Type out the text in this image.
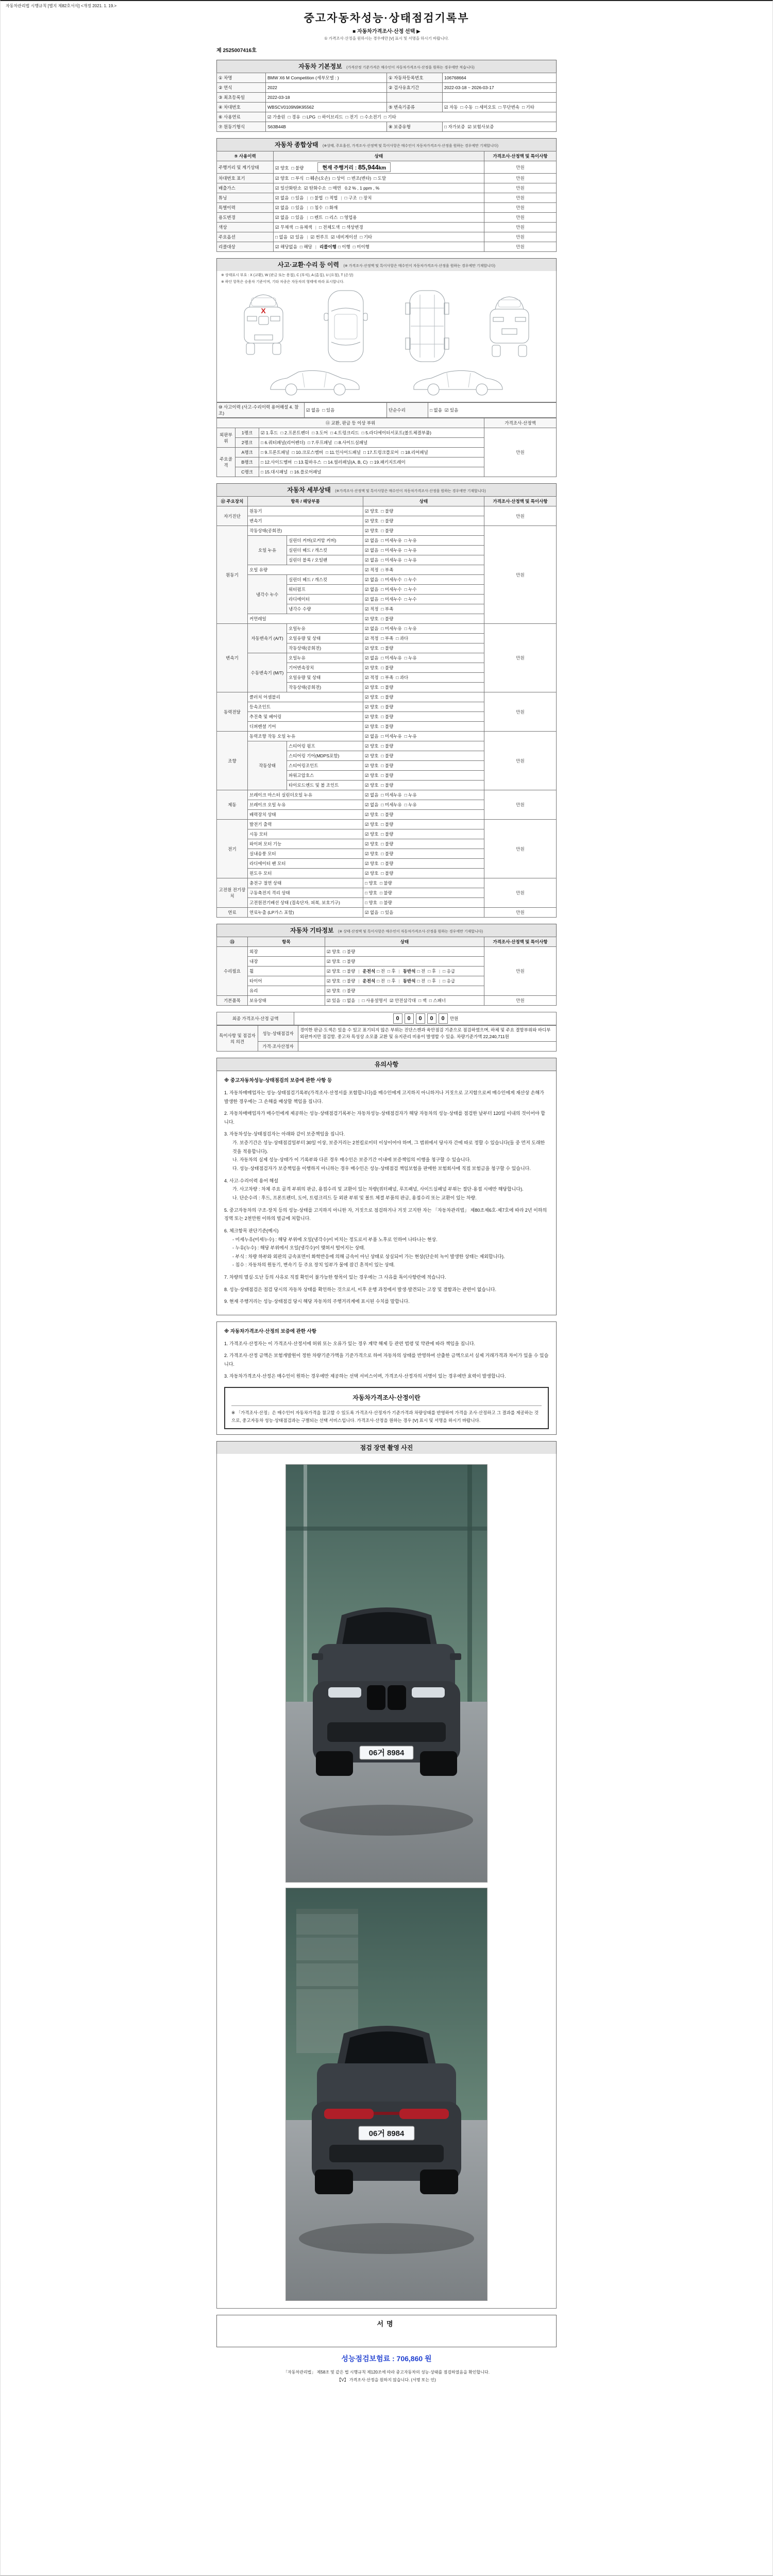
자동차관리법 시행규칙 [별지 제82호서식] <개정 2021. 1. 19.>
중고자동차성능·상태점검기록부
■ 자동차가격조사·산정 선택 ▶
① 가격조사·산정을 원하시는 경우에만 [V] 표시 및 서명을 하시기 바랍니다.
제 2525007416호
자동차 기본정보 (가격산정 기준가격은 매수인이 자동차가격조사·산정을 원하는 경우에만 적습니다)
① 차명	BMW X6 M Competition (세부모델 : )	① 자동차등록번호	106768664
② 연식	2022	② 검사유효기간	2022-03-18 ~ 2026-03-17
③ 최초등록일	2022-03-18		
④ 차대번호	WBSCV0109N9K95562	⑤ 변속기종류	☑ 자동 □ 수동 □ 세미오토 □ 무단변속 □ 기타
⑥ 사용연료	☑ 가솔린 □ 경유 □ LPG □ 하이브리드 □ 전기 □ 수소전기 □ 기타		
⑦ 원동기형식	S63B44B	⑧ 보증유형	□ 자가보증 ☑ 보험사보증
자동차 종합상태 (※상태, 주요옵션, 가격조사·산정액 및 특이사항은 매수인이 자동차가격조사·산정을 원하는 경우에만 기재합니다)
⑨ 사용이력	상태	가격조사·산정액 및 특이사항
주행거리 및 계기상태	☑ 양호 □ 불량 현재 주행거리 : 85,944km	만원
차대번호 표기	☑ 양호 □ 부식 □ 훼손(오손) □ 상이 □ 변조(변타) □ 도말	만원
배출가스	☑ 일산화탄소 ☑ 탄화수소 □ 매연 0.2 % , 1 ppm , %	만원
튜닝	☑ 없음 □ 있음 | □ 불법 □ 적법 | □ 구조 □ 장치	만원
특별이력	☑ 없음 □ 있음 | □ 침수 □ 화재	만원
용도변경	☑ 없음 □ 있음 | □ 렌트 □ 리스 □ 영업용	만원
색상	☑ 무채색 □ 유채색 | □ 전체도색 □ 색상변경	만원
주요옵션	□ 없음 ☑ 있음 | ☑ 썬루프 ☑ 네비게이션 □ 기타	만원
리콜대상	☑ 해당없음 □ 해당 | 리콜이행 □ 이행 □ 미이행	만원
사고·교환·수리 등 이력 (※ 가격조사·산정액 및 특이사항은 매수인이 자동차가격조사·산정을 원하는 경우에만 기재합니다)
※ 상태표시 부호 : X (교환), W (판금 또는 용접), C (부식), A (흠집), U (요철), T (손상)
※ 하단 항목은 승용차 기준이며, 기타 차종은 자동차의 형태에 따라 표시합니다.
X
⑩ 사고이력 (사고·수리이력 용어해설 4. 참조)	☑ 없음 □ 있음	단순수리	□ 없음 ☑ 있음
⑪ 교환, 판금 등 이상 부위			가격조사·산정액
외판부위	1랭크	☑ 1.후드 □ 2.프론트펜더 □ 3.도어 □ 4.트렁크리드 □ 5.라디에이터서포트(볼트체결부품)	만원
	2랭크	□ 6.쿼터패널(리어펜더) □ 7.루프패널 □ 8.사이드실패널	
주요골격	A랭크	□ 9.프론트패널 □ 10.크로스멤버 □ 11.인사이드패널 □ 17.트렁크플로어 □ 18.리어패널	
	B랭크	□ 12.사이드멤버 □ 13.휠하우스 □ 14.필러패널(A, B, C) □ 19.패키지트레이	
	C랭크	□ 15.대시패널 □ 16.플로어패널	
자동차 세부상태 (※가격조사·산정액 및 특이사항은 매수인이 자동차가격조사·산정을 원하는 경우에만 기재합니다)
⑫ 주요장치	항목 / 해당부품		상태	가격조사·산정액 및 특이사항
자기진단	원동기		☑ 양호 □ 불량	만원
	변속기		☑ 양호 □ 불량	
원동기	작동상태(공회전)		☑ 양호 □ 불량	만원
	오일 누유	실린더 커버(로커암 커버)	☑ 없음 □ 미세누유 □ 누유	
		실린더 헤드 / 개스킷	☑ 없음 □ 미세누유 □ 누유	
		실린더 블록 / 오일팬	☑ 없음 □ 미세누유 □ 누유	
	오일 유량		☑ 적정 □ 부족	
	냉각수 누수	실린더 헤드 / 개스킷	☑ 없음 □ 미세누수 □ 누수	
		워터펌프	☑ 없음 □ 미세누수 □ 누수	
		라디에이터	☑ 없음 □ 미세누수 □ 누수	
		냉각수 수량	☑ 적정 □ 부족	
	커먼레일		☑ 양호 □ 불량	
변속기	자동변속기 (A/T)	오일누유	☑ 없음 □ 미세누유 □ 누유	만원
		오일유량 및 상태	☑ 적정 □ 부족 □ 과다	
		작동상태(공회전)	☑ 양호 □ 불량	
	수동변속기 (M/T)	오일누유	☑ 없음 □ 미세누유 □ 누유	
		기어변속장치	☑ 양호 □ 불량	
		오일유량 및 상태	☑ 적정 □ 부족 □ 과다	
		작동상태(공회전)	☑ 양호 □ 불량	
동력전달	클러치 어셈블리		☑ 양호 □ 불량	만원
	등속조인트		☑ 양호 □ 불량	
	추진축 및 베어링		☑ 양호 □ 불량	
	디퍼렌셜 기어		☑ 양호 □ 불량	
조향	동력조향 작동 오일 누유		☑ 없음 □ 미세누유 □ 누유	만원
	작동상태	스티어링 펌프	☑ 양호 □ 불량	
		스티어링 기어(MDPS포함)	☑ 양호 □ 불량	
		스티어링조인트	☑ 양호 □ 불량	
		파워고압호스	☑ 양호 □ 불량	
		타이로드엔드 및 볼 조인트	☑ 양호 □ 불량	
제동	브레이크 마스터 실린더오일 누유		☑ 없음 □ 미세누유 □ 누유	만원
	브레이크 오일 누유		☑ 없음 □ 미세누유 □ 누유	
	배력장치 상태		☑ 양호 □ 불량	
전기	발전기 출력		☑ 양호 □ 불량	만원
	시동 모터		☑ 양호 □ 불량	
	와이퍼 모터 기능		☑ 양호 □ 불량	
	실내송풍 모터		☑ 양호 □ 불량	
	라디에이터 팬 모터		☑ 양호 □ 불량	
	윈도우 모터		☑ 양호 □ 불량	
고전원 전기장치	충전구 절연 상태		□ 양호 □ 불량	만원
	구동축전지 격리 상태		□ 양호 □ 불량	
	고전원전기배선 상태 (접속단자, 피복, 보호기구)		□ 양호 □ 불량	
연료	연료누출 (LP가스 포함)		☑ 없음 □ 있음	만원
자동차 기타정보 (※ 상태·산정액 및 특이사항은 매수인이 자동차가격조사·산정을 원하는 경우에만 기재합니다)
⑬	항목	상태	가격조사·산정액 및 특이사항
수리필요	외장	☑ 양호 □ 불량	만원
	내장	☑ 양호 □ 불량	
	휠	☑ 양호 □ 불량 | 운전석 □ 전 □ 후 | 동반석 □ 전 □ 후 | □ 응급	
	타이어	☑ 양호 □ 불량 | 운전석 □ 전 □ 후 | 동반석 □ 전 □ 후 | □ 응급	
	유리	☑ 양호 □ 불량	
기본품목	보유상태	☑ 있음 □ 없음 | □ 사용설명서 ☑ 안전삼각대 □ 잭 □ 스패너	만원
최종 가격조사·산정 금액	0 0 0 0 0 만원
특이사항 및 점검자의 의견	성능·상태점검자	경미한 판금·도색은 있을 수 있고 표기되지 않은 부위는 진단스캔과 육안점검 기준으로 점검하였으며, 하체 및 주요 결함부위와 바디부 외판까지만 점검함. 중고차 특성상 소모품 교환 및 유지관리 비용이 발생할 수 있음. 차량기준가액 22,240,711원
	가격·조사산정자	
유의사항
※ 중고자동차성능·상태점검의 보증에 관한 사항 등
1. 자동차매매업자는 성능·상태점검기록부(가격조사·산정서를 포함합니다)를 매수인에게 고지하지 아니하거나 거짓으로 고지함으로써 매수인에게 재산상 손해가 발생한 경우에는 그 손해를 배상할 책임을 집니다.
2. 자동차매매업자가 매수인에게 제공하는 성능·상태점검기록부는 자동차성능·상태점검자가 해당 자동차의 성능·상태를 점검한 날부터 120일 이내의 것이어야 합니다.
3. 자동차성능·상태점검자는 아래와 같이 보증책임을 집니다.
가. 보증기간은 성능·상태점검일부터 30일 이상, 보증거리는 2천킬로미터 이상이어야 하며, 그 범위에서 당사자 간에 따로 정할 수 있습니다(둘 중 먼저 도래한 것을 적용합니다).
나. 자동차의 실제 성능·상태가 이 기록부와 다른 경우 매수인은 보증기간 이내에 보증책임의 이행을 청구할 수 있습니다.
다. 성능·상태점검자가 보증책임을 이행하지 아니하는 경우 매수인은 성능·상태점검 책임보험을 판매한 보험회사에 직접 보험금을 청구할 수 있습니다.
4. 사고·수리이력 용어 해설
가. 사고차량 : 차체 주요 골격 부위의 판금, 용접수리 및 교환이 있는 차량(쿼터패널, 루프패널, 사이드실패널 부위는 절단·용접 시에만 해당합니다).
나. 단순수리 : 후드, 프론트펜더, 도어, 트렁크리드 등 외판 부위 및 볼트 체결 부품의 판금, 용접수리 또는 교환이 있는 차량.
5. 중고자동차의 구조·장치 등의 성능·상태를 고지하지 아니한 자, 거짓으로 점검하거나 거짓 고지한 자는 「자동차관리법」 제80조제6호·제7호에 따라 2년 이하의 징역 또는 2천만원 이하의 벌금에 처합니다.
6. 체크항목 판단기준(예시)
- 미세누유(미세누수) : 해당 부위에 오일(냉각수)이 비치는 정도로서 부품 노후로 인하여 나타나는 현상.
- 누유(누수) : 해당 부위에서 오일(냉각수)이 맺혀서 떨어지는 상태.
- 부식 : 차량 하부와 외판의 금속표면이 화학반응에 의해 금속이 아닌 상태로 상실되어 가는 현상(단순히 녹이 발생한 상태는 제외합니다).
- 침수 : 자동차의 원동기, 변속기 등 주요 장치 일부가 물에 잠긴 흔적이 있는 상태.
7. 차량의 멸실·도난 등의 사유로 직접 확인이 불가능한 항목이 있는 경우에는 그 사유를 특이사항란에 적습니다.
8. 성능·상태점검은 점검 당시의 자동차 상태를 확인하는 것으로서, 이후 운행 과정에서 발생·발견되는 고장 및 결함과는 관련이 없습니다.
9. 현재 주행거리는 성능·상태점검 당시 해당 자동차의 주행거리계에 표시된 수치를 말합니다.
※ 자동차가격조사·산정의 보증에 관한 사항
1. 가격조사·산정자는 이 가격조사·산정서에 허위 또는 오류가 있는 경우 계약 해제 등 관련 법령 및 약관에 따라 책임을 집니다.
2. 가격조사·산정 금액은 보험개발원이 정한 차량기준가액을 기준가격으로 하여 자동차의 상태를 반영하여 산출한 금액으로서 실제 거래가격과 차이가 있을 수 있습니다.
3. 자동차가격조사·산정은 매수인이 원하는 경우에만 제공하는 선택 서비스이며, 가격조사·산정자의 서명이 있는 경우에만 효력이 발생합니다.
자동차가격조사·산정이란
※ 「가격조사·산정」은 매수인이 자동차가격을 참고할 수 있도록 가격조사·산정자가 기준가격과 차량상태를 반영하여 가격을 조사·산정하고 그 결과를 제공하는 것으로, 중고자동차 성능·상태점검과는 구별되는 선택 서비스입니다. 가격조사·산정을 원하는 경우 [V] 표시 및 서명을 하시기 바랍니다.
점검 장면 촬영 사진
06거 8984
06거 8984
서명
성능점검보험료 : 706,860 원
「자동차관리법」 제58조 및 같은 법 시행규칙 제120조에 따라 중고자동차의 성능·상태를 점검하였음을 확인합니다.
【V】 가격조사·산정을 원하지 않습니다. (서명 또는 인)
